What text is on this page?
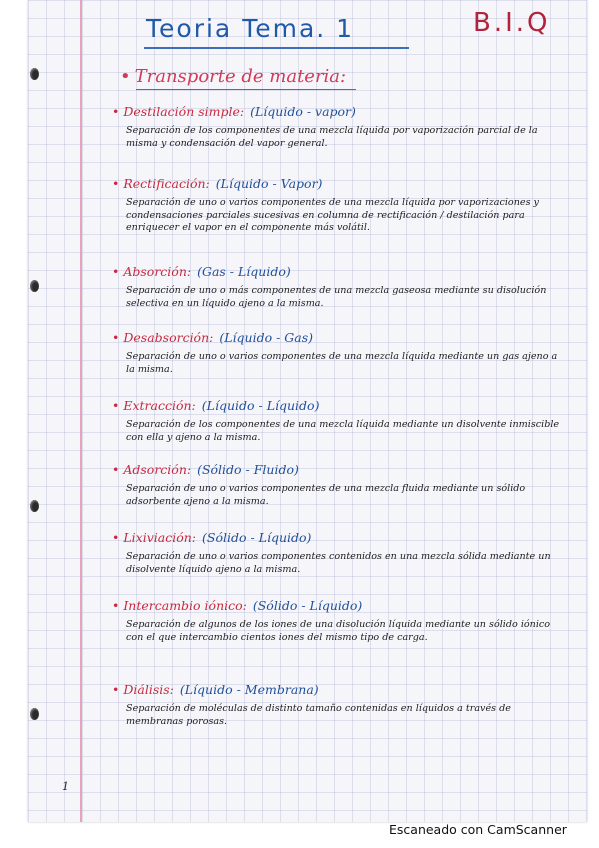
Teoria Tema. 1	B.I.Q
• Transporte de materia:
• Destilación simple: (Líquido - vapor)
Separación de los componentes de una mezcla líquida por vaporización parcial de la misma y condensación del vapor general.
• Rectificación: (Líquido - Vapor)
Separación de uno o varios componentes de una mezcla líquida por vaporizaciones y condensaciones parciales sucesivas en columna de rectificación / destilación para enriquecer el vapor en el componente más volátil.
• Absorción: (Gas - Líquido)
Separación de uno o más componentes de una mezcla gaseosa mediante su disolución selectiva en un líquido ajeno a la misma.
• Desabsorción: (Líquido - Gas)
Separación de uno o varios componentes de una mezcla líquida mediante un gas ajeno a la misma.
• Extracción: (Líquido - Líquido)
Separación de los componentes de una mezcla líquida mediante un disolvente inmiscible con ella y ajeno a la misma.
• Adsorción: (Sólido - Fluido)
Separación de uno o varios componentes de una mezcla fluida mediante un sólido adsorbente ajeno a la misma.
• Lixiviación: (Sólido - Líquido)
Separación de uno o varios componentes contenidos en una mezcla sólida mediante un disolvente líquido ajeno a la misma.
• Intercambio iónico: (Sólido - Líquido)
Separación de algunos de los iones de una disolución líquida mediante un sólido iónico con el que intercambio cientos iones del mismo tipo de carga.
• Diálisis: (Líquido - Membrana)
Separación de moléculas de distinto tamaño contenidas en líquidos a través de membranas porosas.
1
Escaneado con CamScanner
